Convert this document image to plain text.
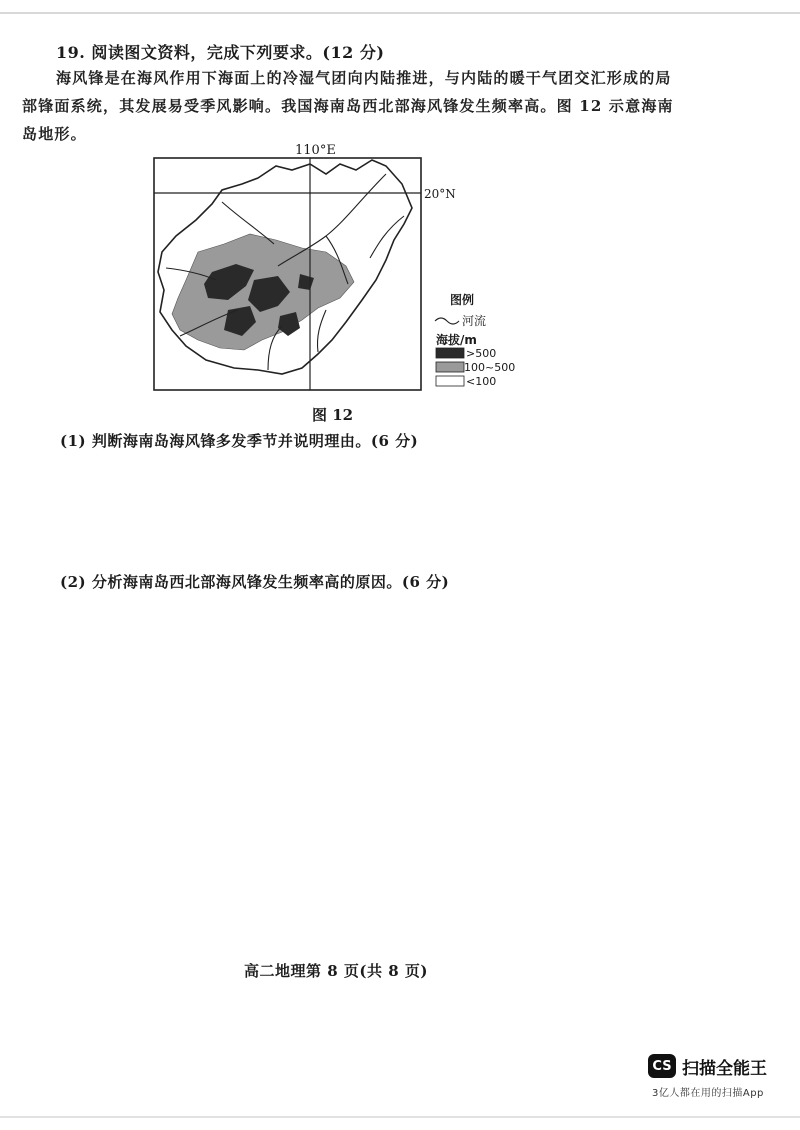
19. 阅读图文资料，完成下列要求。(12 分)
海风锋是在海风作用下海面上的冷湿气团向内陆推进，与内陆的暖干气团交汇形成的局部锋面系统，其发展易受季风影响。我国海南岛西北部海风锋发生频率高。图 12 示意海南岛地形。
110°E
20°N
图例
河流
海拔/m
>500
100~500
<100
图 12
(1) 判断海南岛海风锋多发季节并说明理由。(6 分)
(2) 分析海南岛西北部海风锋发生频率高的原因。(6 分)
高二地理第 8 页(共 8 页)
CS 扫描全能王
3亿人都在用的扫描App
